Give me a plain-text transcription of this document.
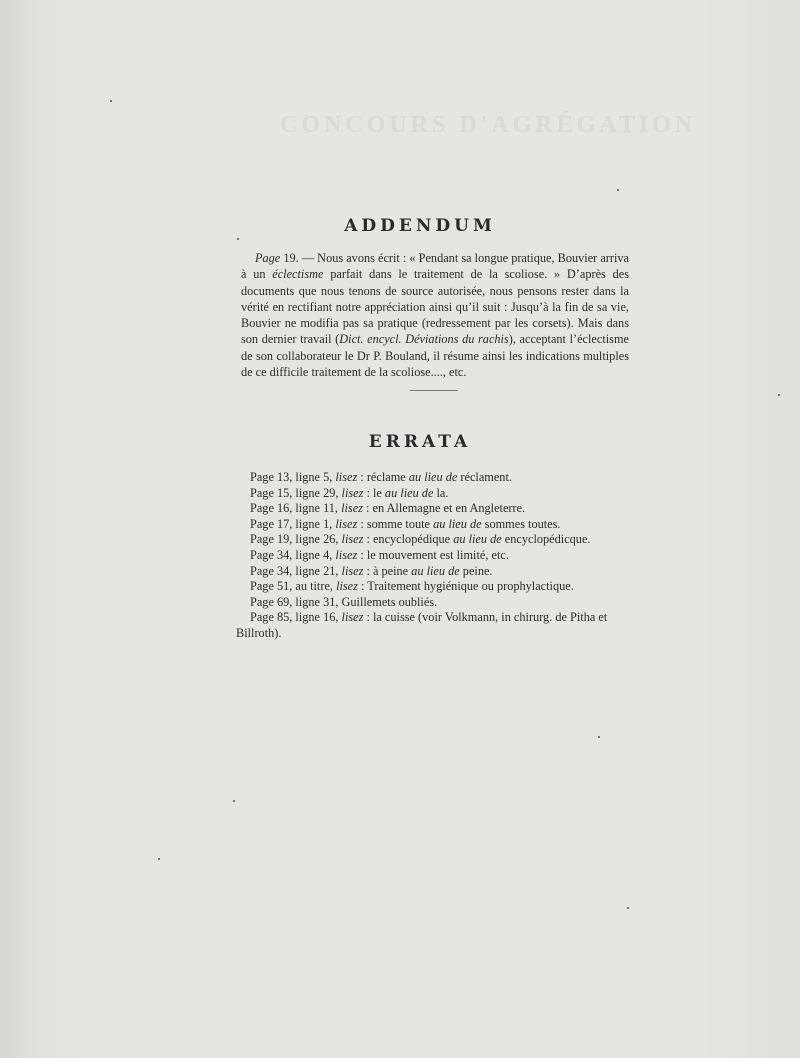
CONCOURS D'AGRÉGATION
ADDENDUM

Page 19. — Nous avons écrit : « Pendant sa longue pratique, Bouvier arriva à un éclectisme parfait dans le traitement de la scoliose. » D’après des documents que nous tenons de source autorisée, nous pensons rester dans la vérité en rectifiant notre appréciation ainsi qu’il suit : Jusqu’à la fin de sa vie, Bouvier ne modifia pas sa pratique (redressement par les corsets). Mais dans son dernier travail (Dict. encycl. Déviations du rachis), acceptant l’éclectisme de son collaborateur le Dr P. Bouland, il résume ainsi les indications multiples de ce difficile traitement de la scoliose...., etc.

ERRATA

Page 13, ligne 5, lisez : réclame au lieu de réclament.

Page 15, ligne 29, lisez : le au lieu de la.

Page 16, ligne 11, lisez : en Allemagne et en Angleterre.

Page 17, ligne 1, lisez : somme toute au lieu de sommes toutes.

Page 19, ligne 26, lisez : encyclopédique au lieu de encyclopédicque.

Page 34, ligne 4, lisez : le mouvement est limité, etc.

Page 34, ligne 21, lisez : à peine au lieu de peine.

Page 51, au titre, lisez : Traitement hygiénique ou prophylactique.

Page 69, ligne 31, Guillemets oubliés.

Page 85, ligne 16, lisez : la cuisse (voir Volkmann, in chirurg. de Pitha et

Billroth).
